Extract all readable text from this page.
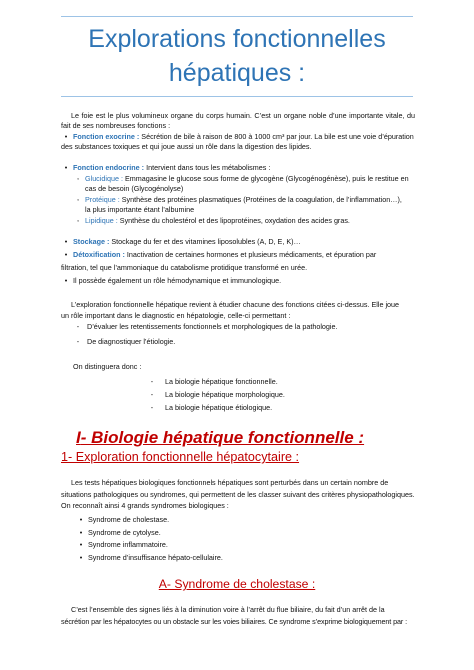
Explorations fonctionnelles
hépatiques :
Le foie est le plus volumineux organe du corps humain. C’est un organe noble d’une importante vitale, du fait de ses nombreuses fonctions :
• Fonction exocrine : Sécrétion de bile à raison de 800 à 1000 cm³ par jour. La bile est une voie d’épuration
des substances toxiques et qui joue aussi un rôle dans la digestion des lipides.
• Fonction endocrine : Intervient dans tous les métabolismes :
◦ Glucidique : Emmagasine le glucose sous forme de glycogène (Glycogénogénèse), puis le restitue en
cas de besoin (Glycogénolyse)
◦ Protéique : Synthèse des protéines plasmatiques (Protéines de la coagulation, de l’inflammation…),
la plus importante étant l’albumine
◦ Lipidique : Synthèse du cholestérol et des lipoprotéines, oxydation des acides gras.
• Stockage : Stockage du fer et des vitamines liposolubles (A, D, E, K)…
• Détoxification : Inactivation de certaines hormones et plusieurs médicaments, et épuration par
filtration, tel que l’ammoniaque du catabolisme protidique transformé en urée.
• Il possède également un rôle hémodynamique et immunologique.
L’exploration fonctionnelle hépatique revient à étudier chacune des fonctions citées ci-dessus. Elle joue
un rôle important dans le diagnostic en hépatologie, celle-ci permettant :
-	D’évaluer les retentissements fonctionnels et morphologiques de la pathologie.
-	De diagnostiquer l’étiologie.
On distinguera donc :
-	La biologie hépatique fonctionnelle.
-	La biologie hépatique morphologique.
-	La biologie hépatique étiologique.
I- Biologie hépatique fonctionnelle :
1- Exploration fonctionnelle hépatocytaire :
Les tests hépatiques biologiques fonctionnels hépatiques sont perturbés dans un certain nombre de
situations pathologiques ou syndromes, qui permettent de les classer suivant des critères physiopathologiques.
On reconnaît ainsi 4 grands syndromes biologiques :
• Syndrome de cholestase.
• Syndrome de cytolyse.
• Syndrome inflammatoire.
• Syndrome d’insuffisance hépato-cellulaire.
A- Syndrome de cholestase :
C’est l’ensemble des signes liés à la diminution voire à l’arrêt du flue biliaire, du fait d’un arrêt de la
sécrétion par les hépatocytes ou un obstacle sur les voies biliaires. Ce syndrome s’exprime biologiquement par :
